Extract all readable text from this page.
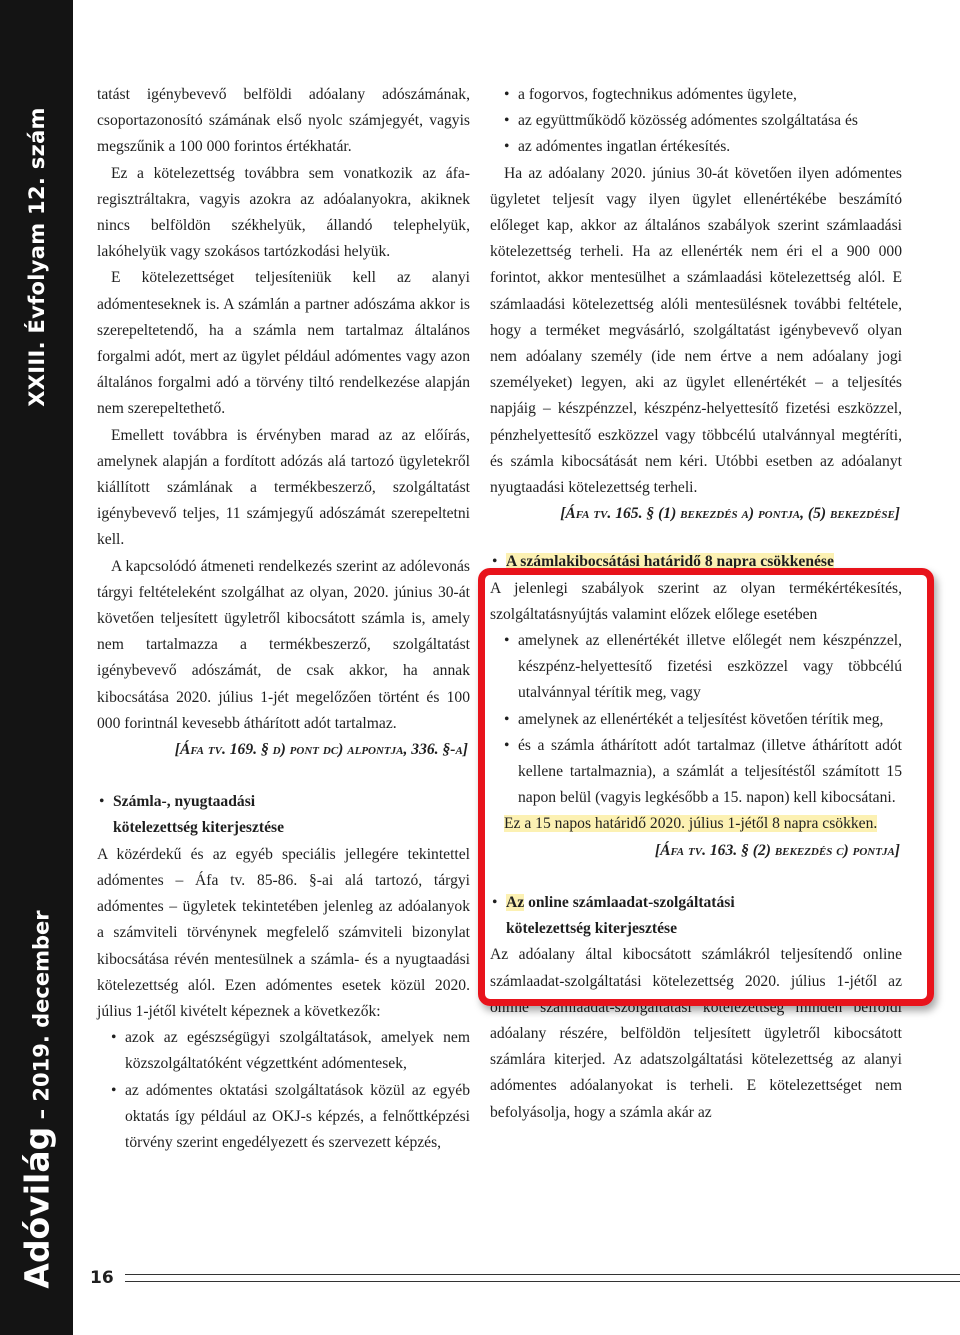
XXIII. Évfolyam 12. szám
Adóvilág – 2019. december

tatást igénybevevő belföldi adóalany adószámának, csoportazonosító számának első nyolc számjegyét, vagyis megszűnik a 100 000 forintos értékhatár.

Ez a kötelezettség továbbra sem vonatkozik az áfa-regisztráltakra, vagyis azokra az adóalanyokra, akiknek nincs belföldön székhelyük, állandó telephelyük, lakóhelyük vagy szokásos tartózkodási helyük.

E kötelezettséget teljesíteniük kell az alanyi adómenteseknek is. A számlán a partner adószáma akkor is szerepeltetendő, ha a számla nem tartalmaz általános forgalmi adót, mert az ügylet például adómentes vagy azon általános forgalmi adó a törvény tiltó rendelkezése alapján nem szerepeltethető.

Emellett továbbra is érvényben marad az az előírás, amelynek alapján a fordított adózás alá tartozó ügyletekről kiállított számlának a termékbeszerző, szolgáltatást igénybevevő teljes, 11 számjegyű adószámát szerepeltetni kell.

A kapcsolódó átmeneti rendelkezés szerint az adólevonás tárgyi feltételeként szolgálhat az olyan, 2020. június 30-át követően teljesített ügyletről kibocsátott számla is, amely nem tartalmazza a termékbeszerző, szolgáltatást igénybevevő adószámát, de csak akkor, ha annak kibocsátása 2020. július 1-jét megelőzően történt és 100 000 forintnál kevesebb áthárított adót tartalmaz.

[Áfa tv. 169. § d) pont dc) alpontja, 336. §-a]

• Számla-, nyugtaadási
kötelezettség kiterjesztése

A közérdekű és az egyéb speciális jellegére tekintettel adómentes – Áfa tv. 85-86. §-ai alá tartozó, tárgyi adómentes – ügyletek tekintetében jelenleg az adóalanyok a számviteli törvénynek megfelelő számviteli bizonylat kibocsátása révén mentesülnek a számla- és a nyugtaadási kötelezettség alól. Ezen adómentes esetek közül 2020. július 1-jétől kivételt képeznek a következők:

• azok az egészségügyi szolgáltatások, amelyek nem közszolgáltatóként végzettként adómentesek,
• az adómentes oktatási szolgáltatások közül az egyéb oktatás így például az OKJ-s képzés, a felnőttképzési törvény szerint engedélyezett és szervezett képzés,
• a fogorvos, fogtechnikus adómentes ügylete,
• az együttműködő közösség adómentes szolgáltatása és
• az adómentes ingatlan értékesítés.

Ha az adóalany 2020. június 30-át követően ilyen adómentes ügyletet teljesít vagy ilyen ügylet ellenértékébe beszámító előleget kap, akkor az általános szabályok szerint számlaadási kötelezettség terheli. Ha az ellenérték nem éri el a 900 000 forintot, akkor mentesülhet a számlaadási kötelezettség alól. E számlaadási kötelezettség alóli mentesülésnek további feltétele, hogy a terméket megvásárló, szolgáltatást igénybevevő olyan nem adóalany személy (ide nem értve a nem adóalany jogi személyeket) legyen, aki az ügylet ellenértékét – a teljesítés napjáig – készpénzzel, készpénz-helyettesítő fizetési eszközzel, pénzhelyettesítő eszközzel vagy többcélú utalvánnyal megtéríti, és számla kibocsátását nem kéri. Utóbbi esetben az adóalanyt nyugtaadási kötelezettség terheli.

[Áfa tv. 165. § (1) bekezdés a) pontja, (5) bekezdése]

• A számlakibocsátási határidő 8 napra csökkenése

A jelenlegi szabályok szerint az olyan termékértékesítés, szolgáltatásnyújtás valamint előzek előlege esetében

• amelynek az ellenértékét illetve előlegét nem készpénzzel, készpénz-helyettesítő fizetési eszközzel vagy többcélú utalvánnyal térítik meg, vagy
• amelynek az ellenértékét a teljesítést követően térítik meg,
• és a számla áthárított adót tartalmaz (illetve áthárított adót kellene tartalmaznia), a számlát a teljesítéstől számított 15 napon belül (vagyis legkésőbb a 15. napon) kell kibocsátani.

Ez a 15 napos határidő 2020. július 1-jétől 8 napra csökken.

[Áfa tv. 163. § (2) bekezdés c) pontja]

• Az online számlaadat-szolgáltatási
kötelezettség kiterjesztése

Az adóalany által kibocsátott számlákról teljesítendő online számlaadat-szolgáltatási kötelezettség 2020. július 1-jétől az online számlaadat-szolgáltatási kötelezettség minden belföldi adóalany részére, belföldön teljesített ügyletről kibocsátott számlára kiterjed. Az adatszolgáltatási kötelezettség az alanyi adómentes adóalanyokat is terheli. E kötelezettséget nem befolyásolja, hogy a számla akár az

16
